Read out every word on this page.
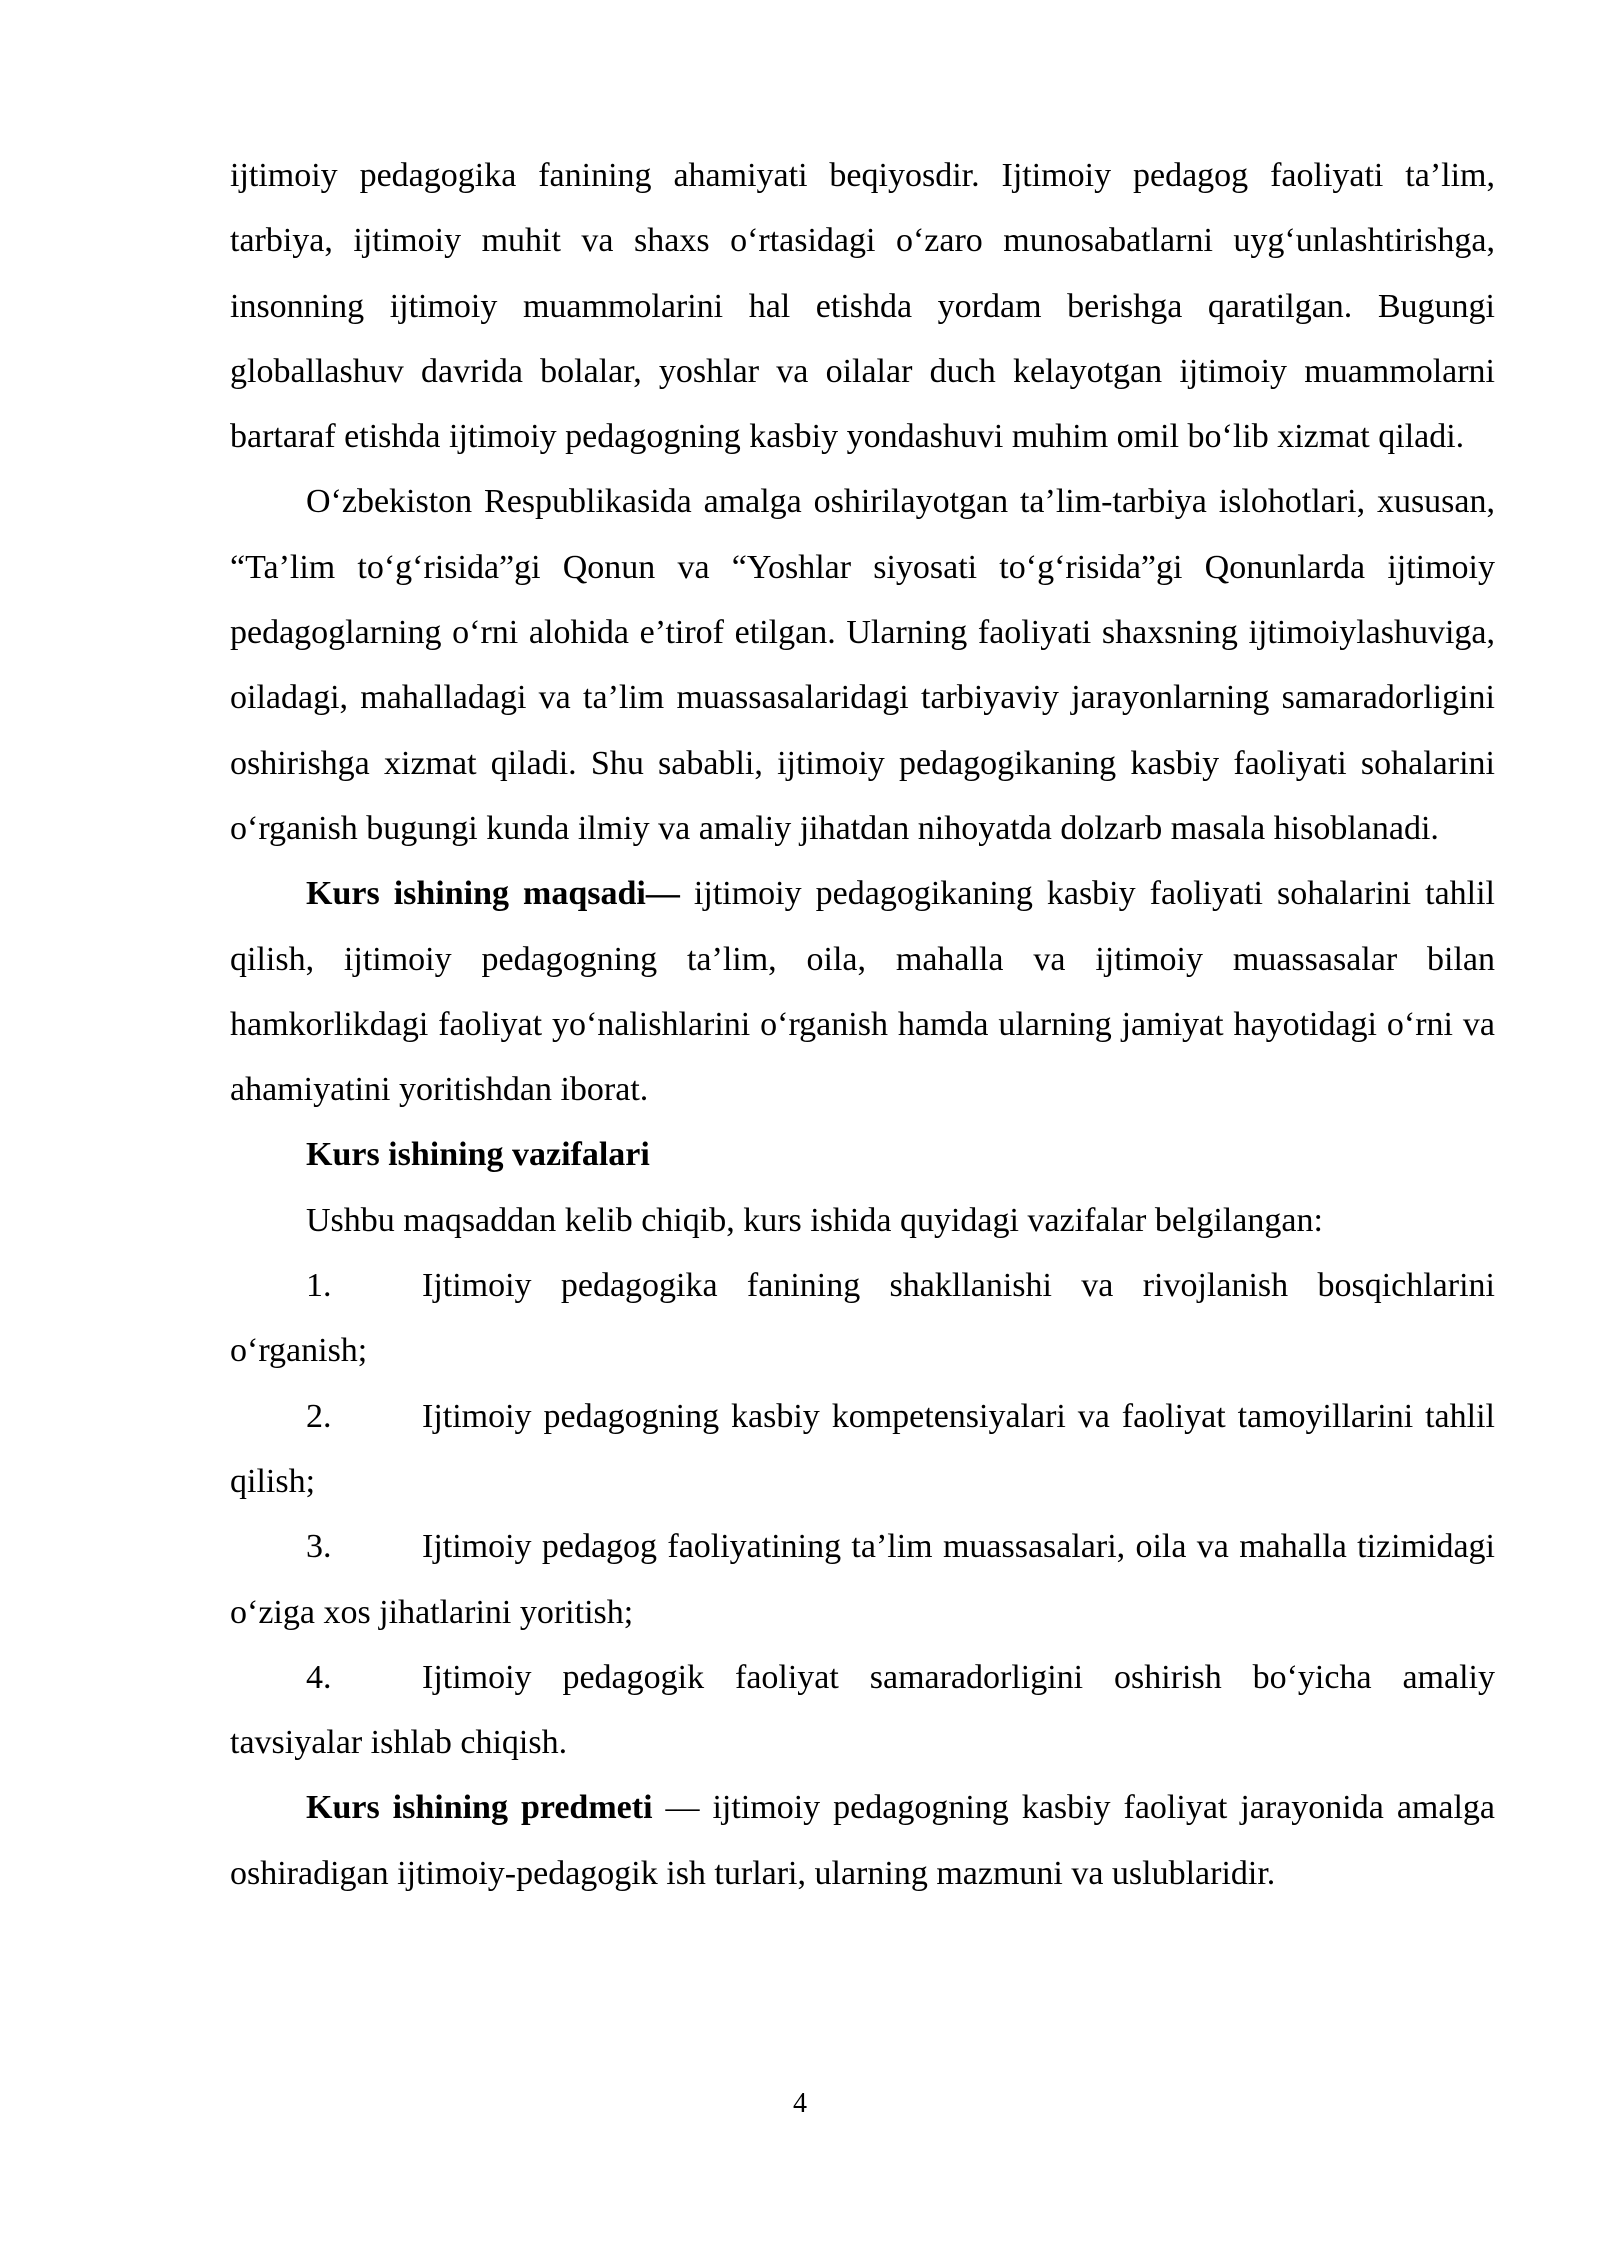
ijtimoiy pedagogika fanining ahamiyati beqiyosdir. Ijtimoiy pedagog faoliyati ta’lim, tarbiya, ijtimoiy muhit va shaxs o‘rtasidagi o‘zaro munosabatlarni uyg‘unlashtirishga, insonning ijtimoiy muammolarini hal etishda yordam berishga qaratilgan. Bugungi globallashuv davrida bolalar, yoshlar va oilalar duch kelayotgan ijtimoiy muammolarni bartaraf etishda ijtimoiy pedagogning kasbiy yondashuvi muhim omil bo‘lib xizmat qiladi.

O‘zbekiston Respublikasida amalga oshirilayotgan ta’lim-tarbiya islohotlari, xususan, “Ta’lim to‘g‘risida”gi Qonun va “Yoshlar siyosati to‘g‘risida”gi Qonunlarda ijtimoiy pedagoglarning o‘rni alohida e’tirof etilgan. Ularning faoliyati shaxsning ijtimoiylashuviga, oiladagi, mahalladagi va ta’lim muassasalaridagi tarbiyaviy jarayonlarning samaradorligini oshirishga xizmat qiladi. Shu sababli, ijtimoiy pedagogikaning kasbiy faoliyati sohalarini o‘rganish bugungi kunda ilmiy va amaliy jihatdan nihoyatda dolzarb masala hisoblanadi.

Kurs ishining maqsadi— ijtimoiy pedagogikaning kasbiy faoliyati sohalarini tahlil qilish, ijtimoiy pedagogning ta’lim, oila, mahalla va ijtimoiy muassasalar bilan hamkorlikdagi faoliyat yo‘nalishlarini o‘rganish hamda ularning jamiyat hayotidagi o‘rni va ahamiyatini yoritishdan iborat.

Kurs ishining vazifalari

Ushbu maqsaddan kelib chiqib, kurs ishida quyidagi vazifalar belgilangan:

1.	Ijtimoiy pedagogika fanining shakllanishi va rivojlanish bosqichlarini o‘rganish;

2.	Ijtimoiy pedagogning kasbiy kompetensiyalari va faoliyat tamoyillarini tahlil qilish;

3.	Ijtimoiy pedagog faoliyatining ta’lim muassasalari, oila va mahalla tizimidagi o‘ziga xos jihatlarini yoritish;

4.	Ijtimoiy pedagogik faoliyat samaradorligini oshirish bo‘yicha amaliy tavsiyalar ishlab chiqish.

Kurs ishining predmeti — ijtimoiy pedagogning kasbiy faoliyat jarayonida amalga oshiradigan ijtimoiy-pedagogik ish turlari, ularning mazmuni va uslublaridir.

4
